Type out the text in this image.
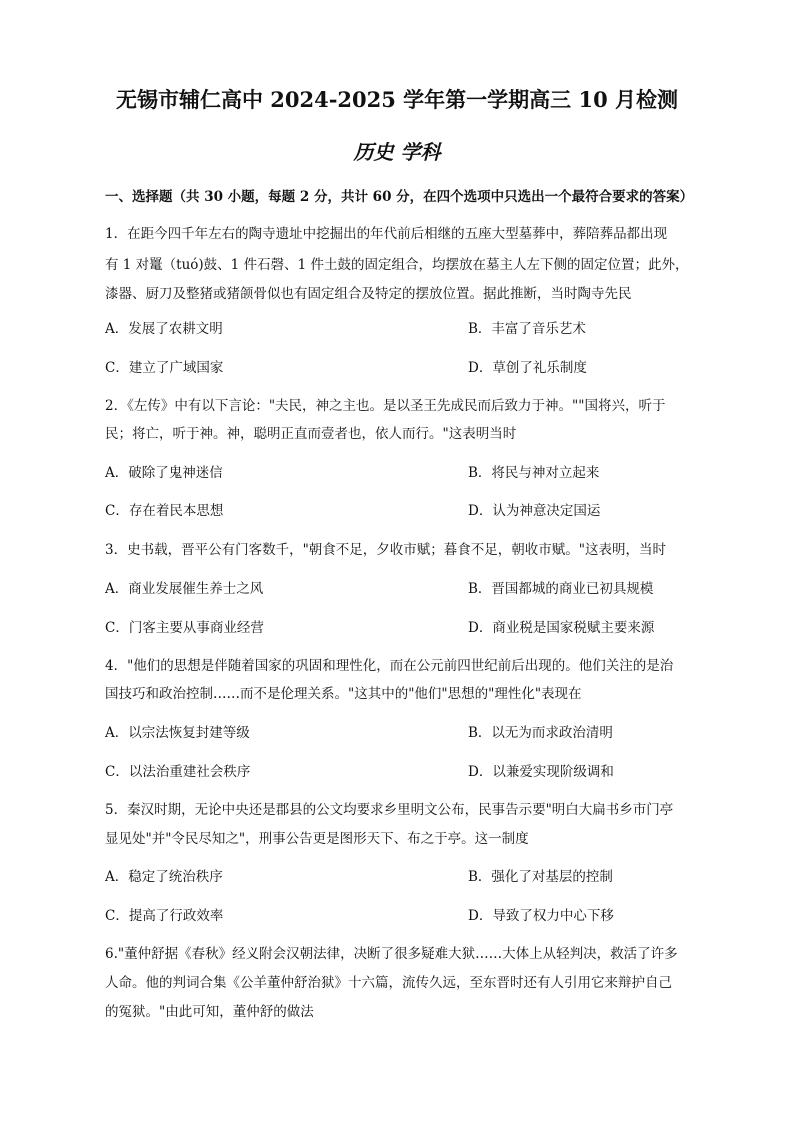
无锡市辅仁高中 2024-2025 学年第一学期高三 10 月检测
历史 学科
一、选择题（共 30 小题，每题 2 分，共计 60 分，在四个选项中只选出一个最符合要求的答案）
1．在距今四千年左右的陶寺遗址中挖掘出的年代前后相继的五座大型墓葬中，葬陪葬品都出现
有 1 对鼍（tuó)鼓、1 件石磬、1 件土鼓的固定组合，均摆放在墓主人左下侧的固定位置；此外，
漆器、厨刀及整猪或猪颌骨似也有固定组合及特定的摆放位置。据此推断，当时陶寺先民
A．发展了农耕文明	B．丰富了音乐艺术
C．建立了广域国家	D．草创了礼乐制度
2．《左传》中有以下言论："夫民，神之主也。是以圣王先成民而后致力于神。""国将兴，听于
民；将亡，听于神。神，聪明正直而壹者也，依人而行。"这表明当时
A．破除了鬼神迷信	B．将民与神对立起来
C．存在着民本思想	D．认为神意决定国运
3．史书载，晋平公有门客数千，"朝食不足，夕收市赋；暮食不足，朝收市赋。"这表明，当时
A．商业发展催生养士之风	B．晋国都城的商业已初具规模
C．门客主要从事商业经营	D．商业税是国家税赋主要来源
4．"他们的思想是伴随着国家的巩固和理性化，而在公元前四世纪前后出现的。他们关注的是治
国技巧和政治控制……而不是伦理关系。"这其中的"他们"思想的"理性化"表现在
A．以宗法恢复封建等级	B．以无为而求政治清明
C．以法治重建社会秩序	D．以兼爱实现阶级调和
5．秦汉时期，无论中央还是郡县的公文均要求乡里明文公布，民事告示要"明白大扁书乡市门亭
显见处"并"令民尽知之"，刑事公告更是图形天下、布之于亭。这一制度
A．稳定了统治秩序	B．强化了对基层的控制
C．提高了行政效率	D．导致了权力中心下移
6."董仲舒据《春秋》经义附会汉朝法律，决断了很多疑难大狱……大体上从轻判决，救活了许多
人命。他的判词合集《公羊董仲舒治狱》十六篇，流传久远，至东晋时还有人引用它来辩护自己
的冤狱。"由此可知，董仲舒的做法
